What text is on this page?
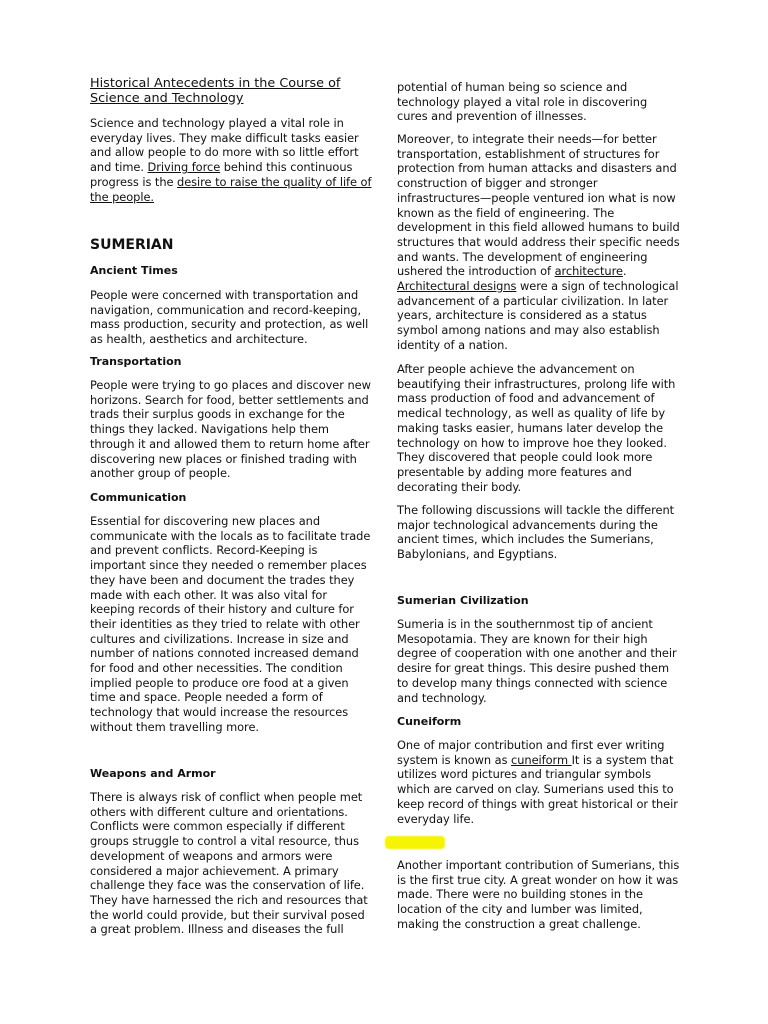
Historical Antecedents in the Course of

Science and Technology

Science and technology played a vital role in everyday lives. They make difficult tasks easier and allow people to do more with so little effort and time. Driving force behind this continuous progress is the desire to raise the quality of life of the people.

SUMERIAN

Ancient Times

People were concerned with transportation and navigation, communication and record-keeping, mass production, security and protection, as well as health, aesthetics and architecture.

Transportation

People were trying to go places and discover new horizons. Search for food, better settlements and trads their surplus goods in exchange for the things they lacked. Navigations help them through it and allowed them to return home after discovering new places or finished trading with another group of people.

Communication

Essential for discovering new places and communicate with the locals as to facilitate trade and prevent conflicts. Record-Keeping is important since they needed o remember places they have been and document the trades they made with each other. It was also vital for keeping records of their history and culture for their identities as they tried to relate with other cultures and civilizations. Increase in size and number of nations connoted increased demand for food and other necessities. The condition implied people to produce ore food at a given time and space. People needed a form of technology that would increase the resources without them travelling more.

Weapons and Armor

There is always risk of conflict when people met others with different culture and orientations. Conflicts were common especially if different groups struggle to control a vital resource, thus development of weapons and armors were considered a major achievement. A primary challenge they face was the conservation of life. They have harnessed the rich and resources that the world could provide, but their survival posed a great problem. Illness and diseases the full

potential of human being so science and technology played a vital role in discovering cures and prevention of illnesses.

Moreover, to integrate their needs—for better transportation, establishment of structures for protection from human attacks and disasters and construction of bigger and stronger infrastructures—people ventured ion what is now known as the field of engineering. The development in this field allowed humans to build structures that would address their specific needs and wants. The development of engineering ushered the introduction of architecture. Architectural designs were a sign of technological advancement of a particular civilization. In later years, architecture is considered as a status symbol among nations and may also establish identity of a nation.

After people achieve the advancement on beautifying their infrastructures, prolong life with mass production of food and advancement of medical technology, as well as quality of life by making tasks easier, humans later develop the technology on how to improve hoe they looked. They discovered that people could look more presentable by adding more features and decorating their body.

The following discussions will tackle the different major technological advancements during the ancient times, which includes the Sumerians, Babylonians, and Egyptians.

Sumerian Civilization

Sumeria is in the southernmost tip of ancient Mesopotamia. They are known for their high degree of cooperation with one another and their desire for great things. This desire pushed them to develop many things connected with science and technology.

Cuneiform

One of major contribution and first ever writing system is known as cuneiform It is a system that utilizes word pictures and triangular symbols which are carved on clay. Sumerians used this to keep record of things with great historical or their everyday life.

Another important contribution of Sumerians, this is the first true city. A great wonder on how it was made. There were no building stones in the location of the city and lumber was limited, making the construction a great challenge.
